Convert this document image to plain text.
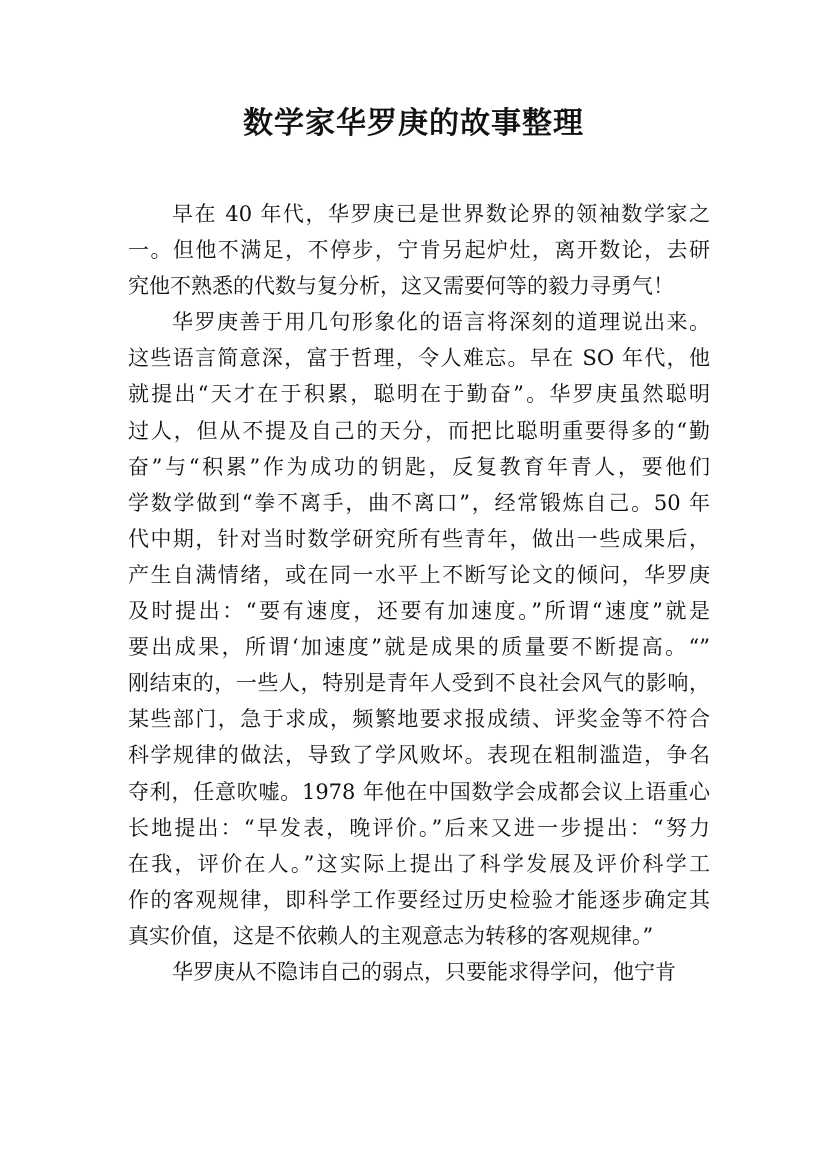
数学家华罗庚的故事整理
早在 40 年代，华罗庚已是世界数论界的领袖数学家之
一。但他不满足，不停步，宁肯另起炉灶，离开数论，去研
究他不熟悉的代数与复分析，这又需要何等的毅力寻勇气！
华罗庚善于用几句形象化的语言将深刻的道理说出来。
这些语言简意深，富于哲理，令人难忘。早在 SO 年代，他
就提出“天才在于积累，聪明在于勤奋”。华罗庚虽然聪明
过人，但从不提及自己的天分，而把比聪明重要得多的“勤
奋”与“积累”作为成功的钥匙，反复教育年青人，要他们
学数学做到“拳不离手，曲不离口”，经常锻炼自己。50 年
代中期，针对当时数学研究所有些青年，做出一些成果后，
产生自满情绪，或在同一水平上不断写论文的倾问，华罗庚
及时提出：“要有速度，还要有加速度。”所谓“速度”就是
要出成果，所谓‘加速度”就是成果的质量要不断提高。“”
刚结束的，一些人，特别是青年人受到不良社会风气的影响，
某些部门，急于求成，频繁地要求报成绩、评奖金等不符合
科学规律的做法，导致了学风败坏。表现在粗制滥造，争名
夺利，任意吹嘘。1978 年他在中国数学会成都会议上语重心
长地提出：“早发表，晚评价。”后来又进一步提出：“努力
在我，评价在人。”这实际上提出了科学发展及评价科学工
作的客观规律，即科学工作要经过历史检验才能逐步确定其
真实价值，这是不依赖人的主观意志为转移的客观规律。”
华罗庚从不隐讳自己的弱点，只要能求得学问，他宁肯
